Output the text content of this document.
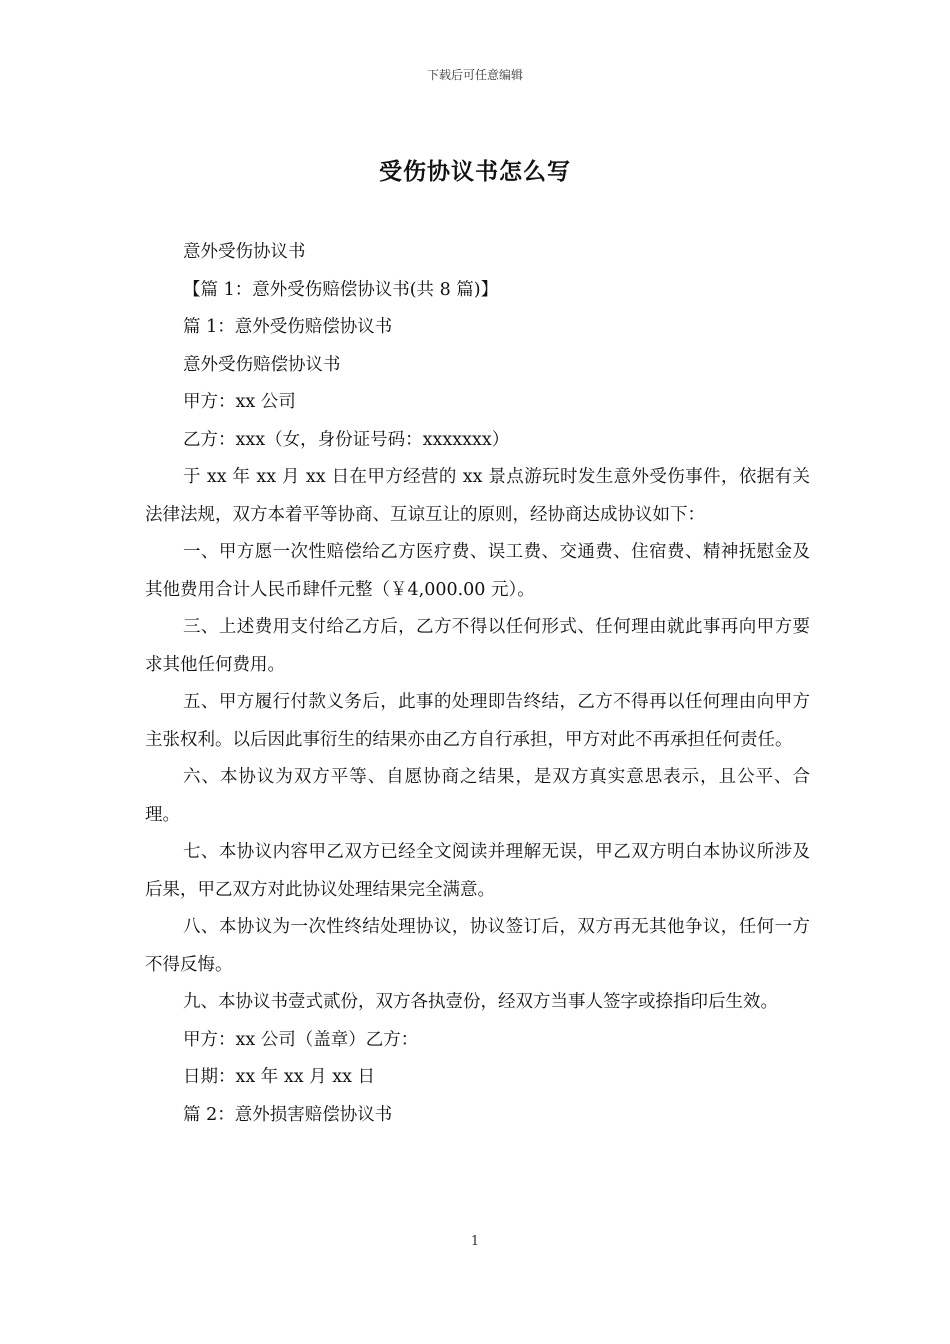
下载后可任意编辑
受伤协议书怎么写

意外受伤协议书

【篇 1：意外受伤赔偿协议书(共 8 篇)】

篇 1：意外受伤赔偿协议书

意外受伤赔偿协议书

甲方：xx 公司

乙方：xxx（女，身份证号码：xxxxxxx）

于 xx 年 xx 月 xx 日在甲方经营的 xx 景点游玩时发生意外受伤事件，依据有关法律法规，双方本着平等协商、互谅互让的原则，经协商达成协议如下：

一、甲方愿一次性赔偿给乙方医疗费、误工费、交通费、住宿费、精神抚慰金及其他费用合计人民币肆仟元整（￥4,000.00 元）。

三、上述费用支付给乙方后，乙方不得以任何形式、任何理由就此事再向甲方要求其他任何费用。

五、甲方履行付款义务后，此事的处理即告终结，乙方不得再以任何理由向甲方主张权利。以后因此事衍生的结果亦由乙方自行承担，甲方对此不再承担任何责任。

六、本协议为双方平等、自愿协商之结果，是双方真实意思表示，且公平、合理。

七、本协议内容甲乙双方已经全文阅读并理解无误，甲乙双方明白本协议所涉及后果，甲乙双方对此协议处理结果完全满意。

八、本协议为一次性终结处理协议，协议签订后，双方再无其他争议，任何一方不得反悔。

九、本协议书壹式贰份，双方各执壹份，经双方当事人签字或捺指印后生效。

甲方：xx 公司（盖章）乙方：

日期：xx 年 xx 月 xx 日

篇 2：意外损害赔偿协议书

1
